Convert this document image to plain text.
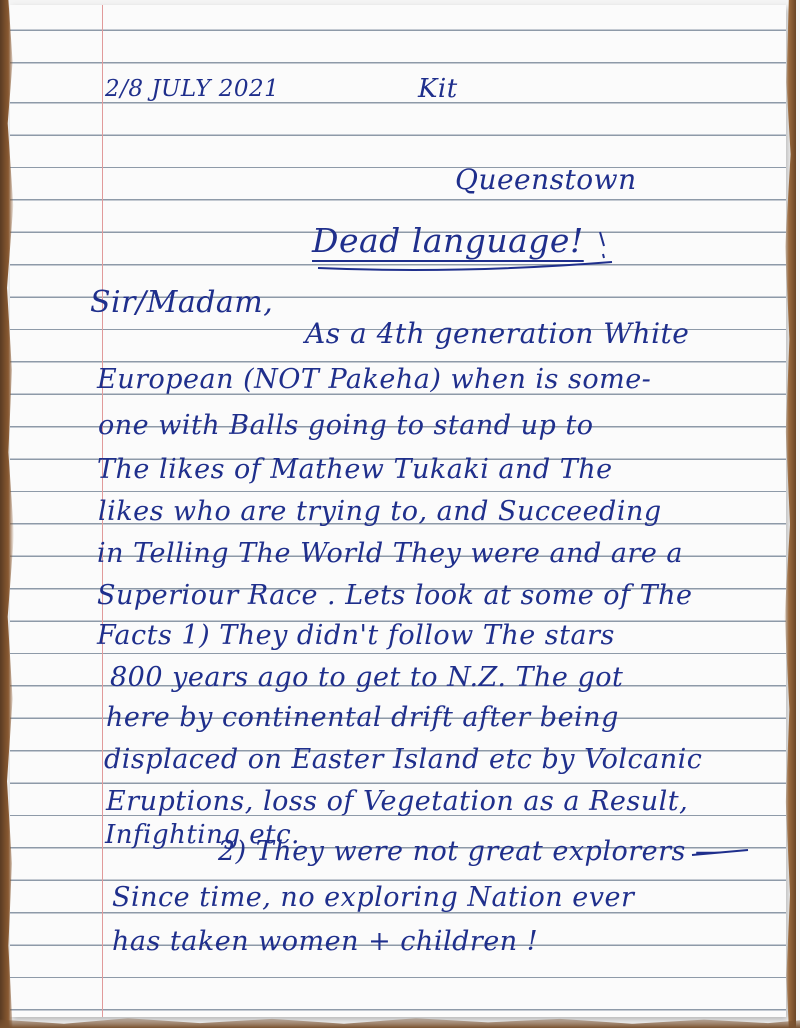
2/8 JULY 2021	Kit
Queenstown
Dead language!
Sir/Madam,
As a 4th generation White
European (NOT Pakeha) when is some-
one with Balls going to stand up to
The likes of Mathew Tukaki and The
likes who are trying to, and Succeeding
in Telling The World They were and are a
Superiour Race . Lets look at some of The
Facts 1) They didn't follow The stars
800 years ago to get to N.Z. The got
here by continental drift after being
displaced on Easter Island etc by Volcanic
Eruptions, loss of Vegetation as a Result,
Infighting etc.
2) They were not great explorers —
Since time, no exploring Nation ever
has taken women + children !
